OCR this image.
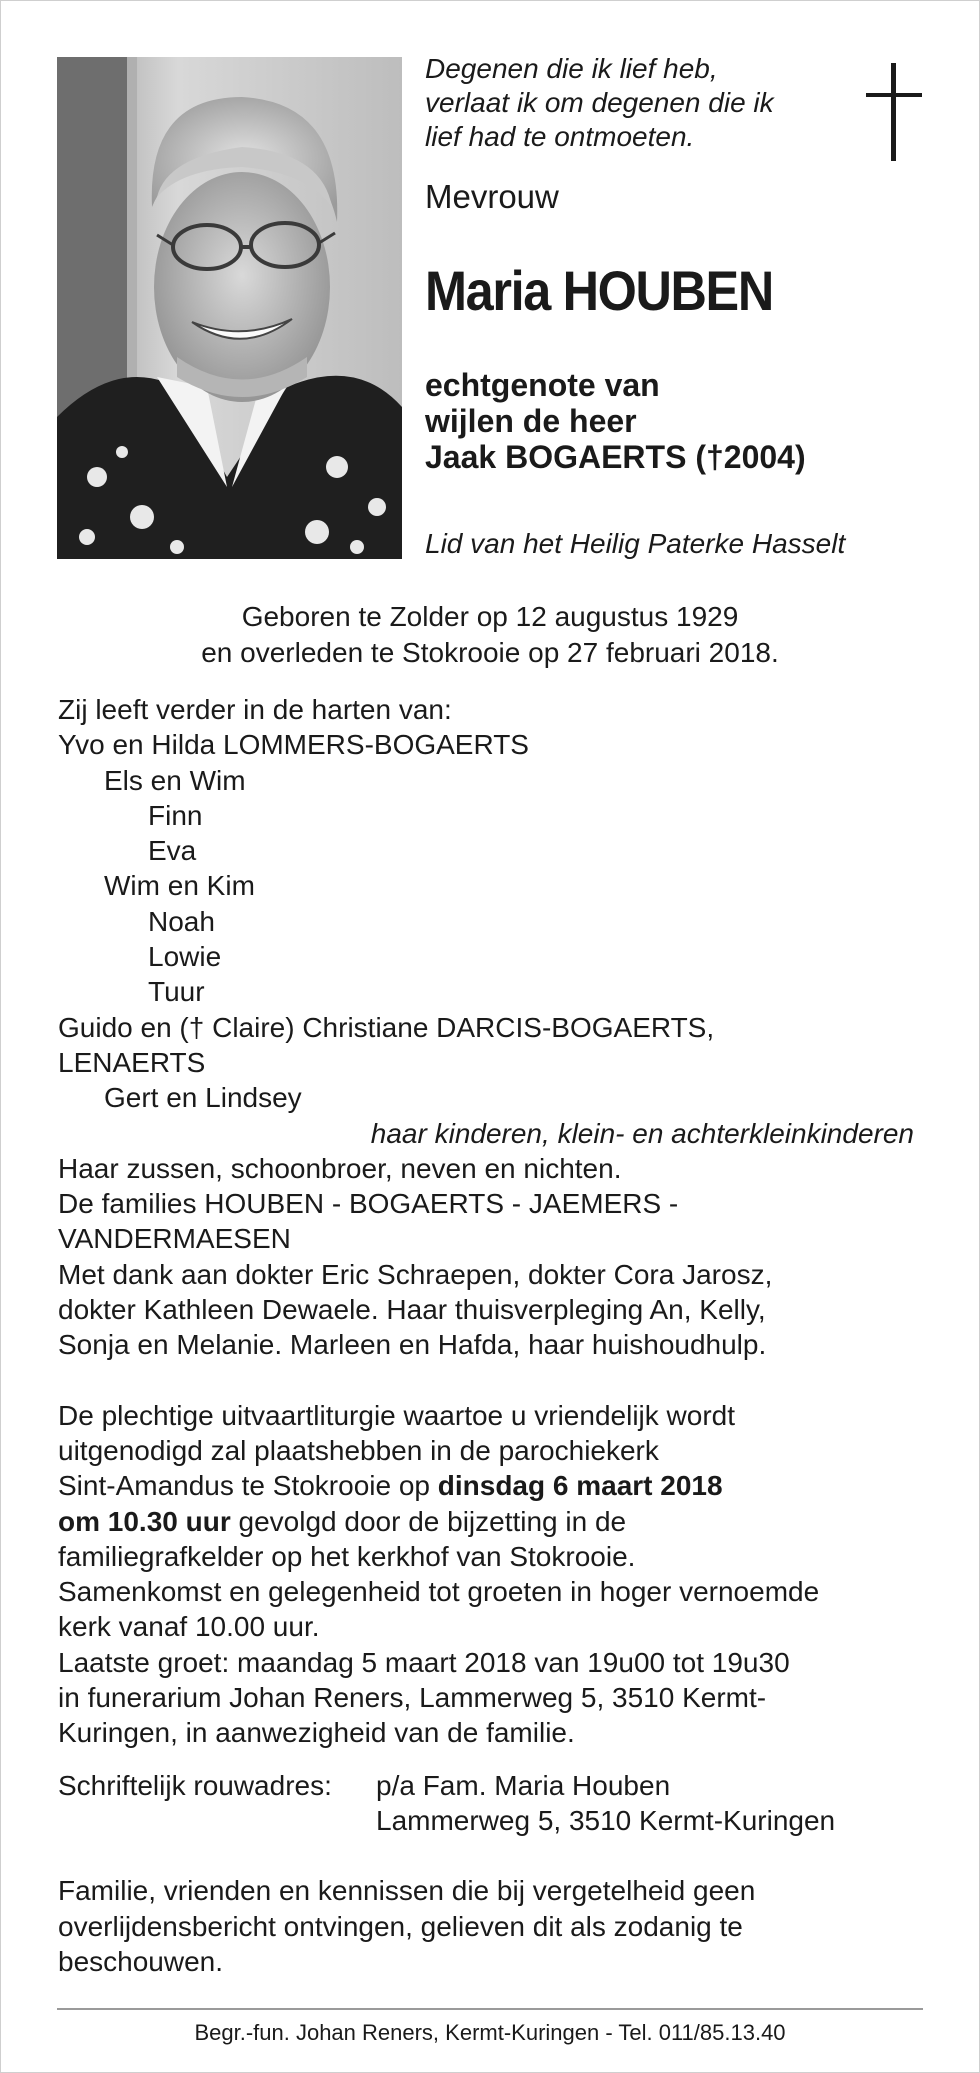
Degenen die ik lief heb,
verlaat ik om degenen die ik
lief had te ontmoeten.
Mevrouw
Maria HOUBEN
echtgenote van
wijlen de heer
Jaak BOGAERTS (†2004)
Lid van het Heilig Paterke Hasselt
Geboren te Zolder op 12 augustus 1929
en overleden te Stokrooie op 27 februari 2018.
Zij leeft verder in de harten van:
Yvo en Hilda LOMMERS-BOGAERTS
Els en Wim
Finn
Eva
Wim en Kim
Noah
Lowie
Tuur
Guido en († Claire) Christiane DARCIS-BOGAERTS,
LENAERTS
Gert en Lindsey
haar kinderen, klein- en achterkleinkinderen
Haar zussen, schoonbroer, neven en nichten.
De families HOUBEN - BOGAERTS - JAEMERS -
VANDERMAESEN
Met dank aan dokter Eric Schraepen, dokter Cora Jarosz,
dokter Kathleen Dewaele. Haar thuisverpleging An, Kelly,
Sonja en Melanie. Marleen en Hafda, haar huishoudhulp.
De plechtige uitvaartliturgie waartoe u vriendelijk wordt
uitgenodigd zal plaatshebben in de parochiekerk
Sint-Amandus te Stokrooie op dinsdag 6 maart 2018
om 10.30 uur gevolgd door de bijzetting in de
familiegrafkelder op het kerkhof van Stokrooie.
Samenkomst en gelegenheid tot groeten in hoger vernoemde
kerk vanaf 10.00 uur.
Laatste groet: maandag 5 maart 2018 van 19u00 tot 19u30
in funerarium Johan Reners, Lammerweg 5, 3510 Kermt-
Kuringen, in aanwezigheid van de familie.
Schriftelijk rouwadres:	p/a Fam. Maria Houben
Lammerweg 5, 3510 Kermt-Kuringen
Familie, vrienden en kennissen die bij vergetelheid geen
overlijdensbericht ontvingen, gelieven dit als zodanig te
beschouwen.
Begr.-fun. Johan Reners, Kermt-Kuringen - Tel. 011/85.13.40
